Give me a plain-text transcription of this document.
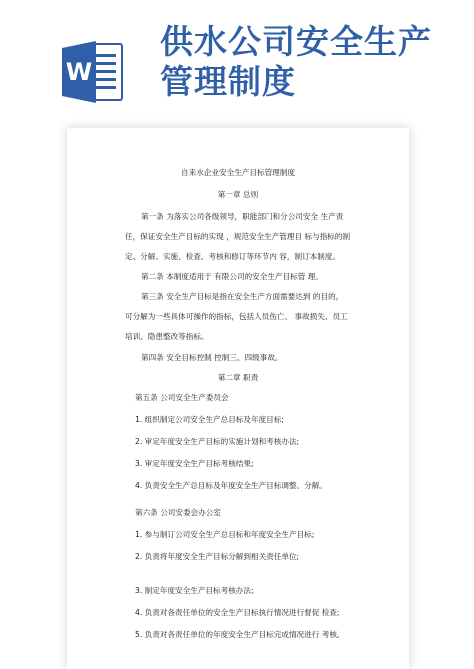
W
供水公司安全生产
管理制度
自来水企业安全生产目标管理制度
第一章 总则
第一条 为落实公司各级领导，职能部门和分公司安全 生产责
任，保证安全生产目标的实现 ，规范安全生产管理目 标与指标的制
定、分解、实施、检查、考核和修订等环节内 容，制订本制度。
第二条 本制度适用于 有限公司的安全生产目标管 理。
第三条 安全生产目标是指在安全生产方面需要达到 的目的，
可分解为一些具体可操作的指标，包括人员伤亡、 事故损失、员工
培训、隐患整改等指标。
第四条 安全目标控制 控制三、四级事故。
第二章 职责
第五条 公司安全生产委员会
1. 组织制定公司安全生产总目标及年度目标;
2. 审定年度安全生产目标的实施计划和考核办法;
3. 审定年度安全生产目标考核结果;
4. 负责安全生产总目标及年度安全生产目标调整、分解。
第六条 公司安委会办公室
1. 参与制订公司安全生产总目标和年度安全生产目标;
2. 负责将年度安全生产目标分解到相关责任单位;
3. 制定年度安全生产目标考核办法;
4. 负责对各责任单位的安全生产目标执行情况进行督促 检查;
5. 负责对各责任单位的年度安全生产目标完成情况进行 考核,
